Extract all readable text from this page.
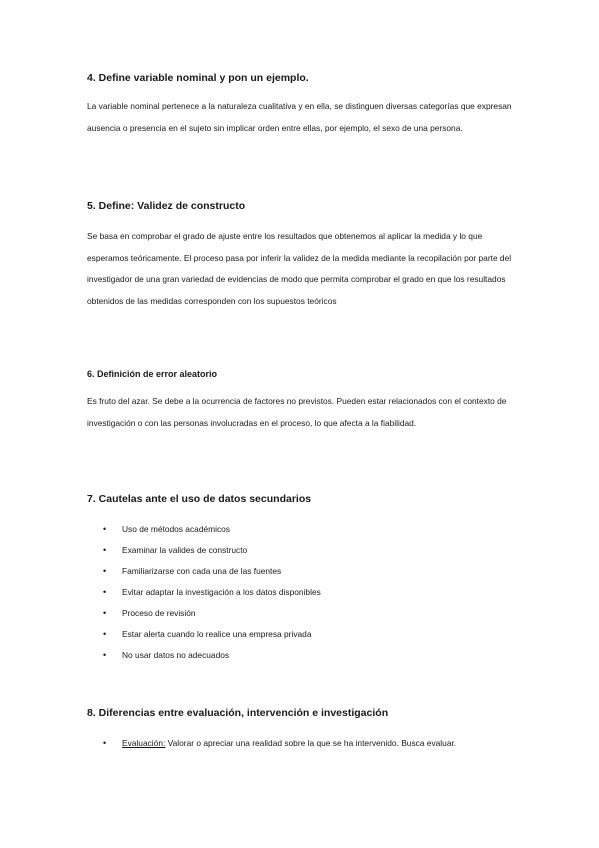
4. Define variable nominal y pon un ejemplo.

La variable nominal pertenece a la naturaleza cualitativa y en ella, se distinguen diversas categorías que expresan ausencia o presencia en el sujeto sin implicar orden entre ellas, por ejemplo, el sexo de una persona.

5. Define: Validez de constructo

Se basa en comprobar el grado de ajuste entre los resultados que obtenemos al aplicar la medida y lo que esperamos teóricamente. El proceso pasa por inferir la validez de la medida mediante la recopilación por parte del investigador de una gran variedad de evidencias de modo que permita comprobar el grado en que los resultados obtenidos de las medidas corresponden con los supuestos teóricos

6. Definición de error aleatorio

Es fruto del azar. Se debe a la ocurrencia de factores no previstos. Pueden estar relacionados con el contexto de investigación o con las personas involucradas en el proceso, lo que afecta a la fiabilidad.

7. Cautelas ante el uso de datos secundarios
• Uso de métodos académicos
• Examinar la valides de constructo
• Familiarizarse con cada una de las fuentes
• Evitar adaptar la investigación a los datos disponibles
• Proceso de revisión
• Estar alerta cuando lo realice una empresa privada
• No usar datos no adecuados
8. Diferencias entre evaluación, intervención e investigación
• Evaluación: Valorar o apreciar una realidad sobre la que se ha intervenido. Busca evaluar.
